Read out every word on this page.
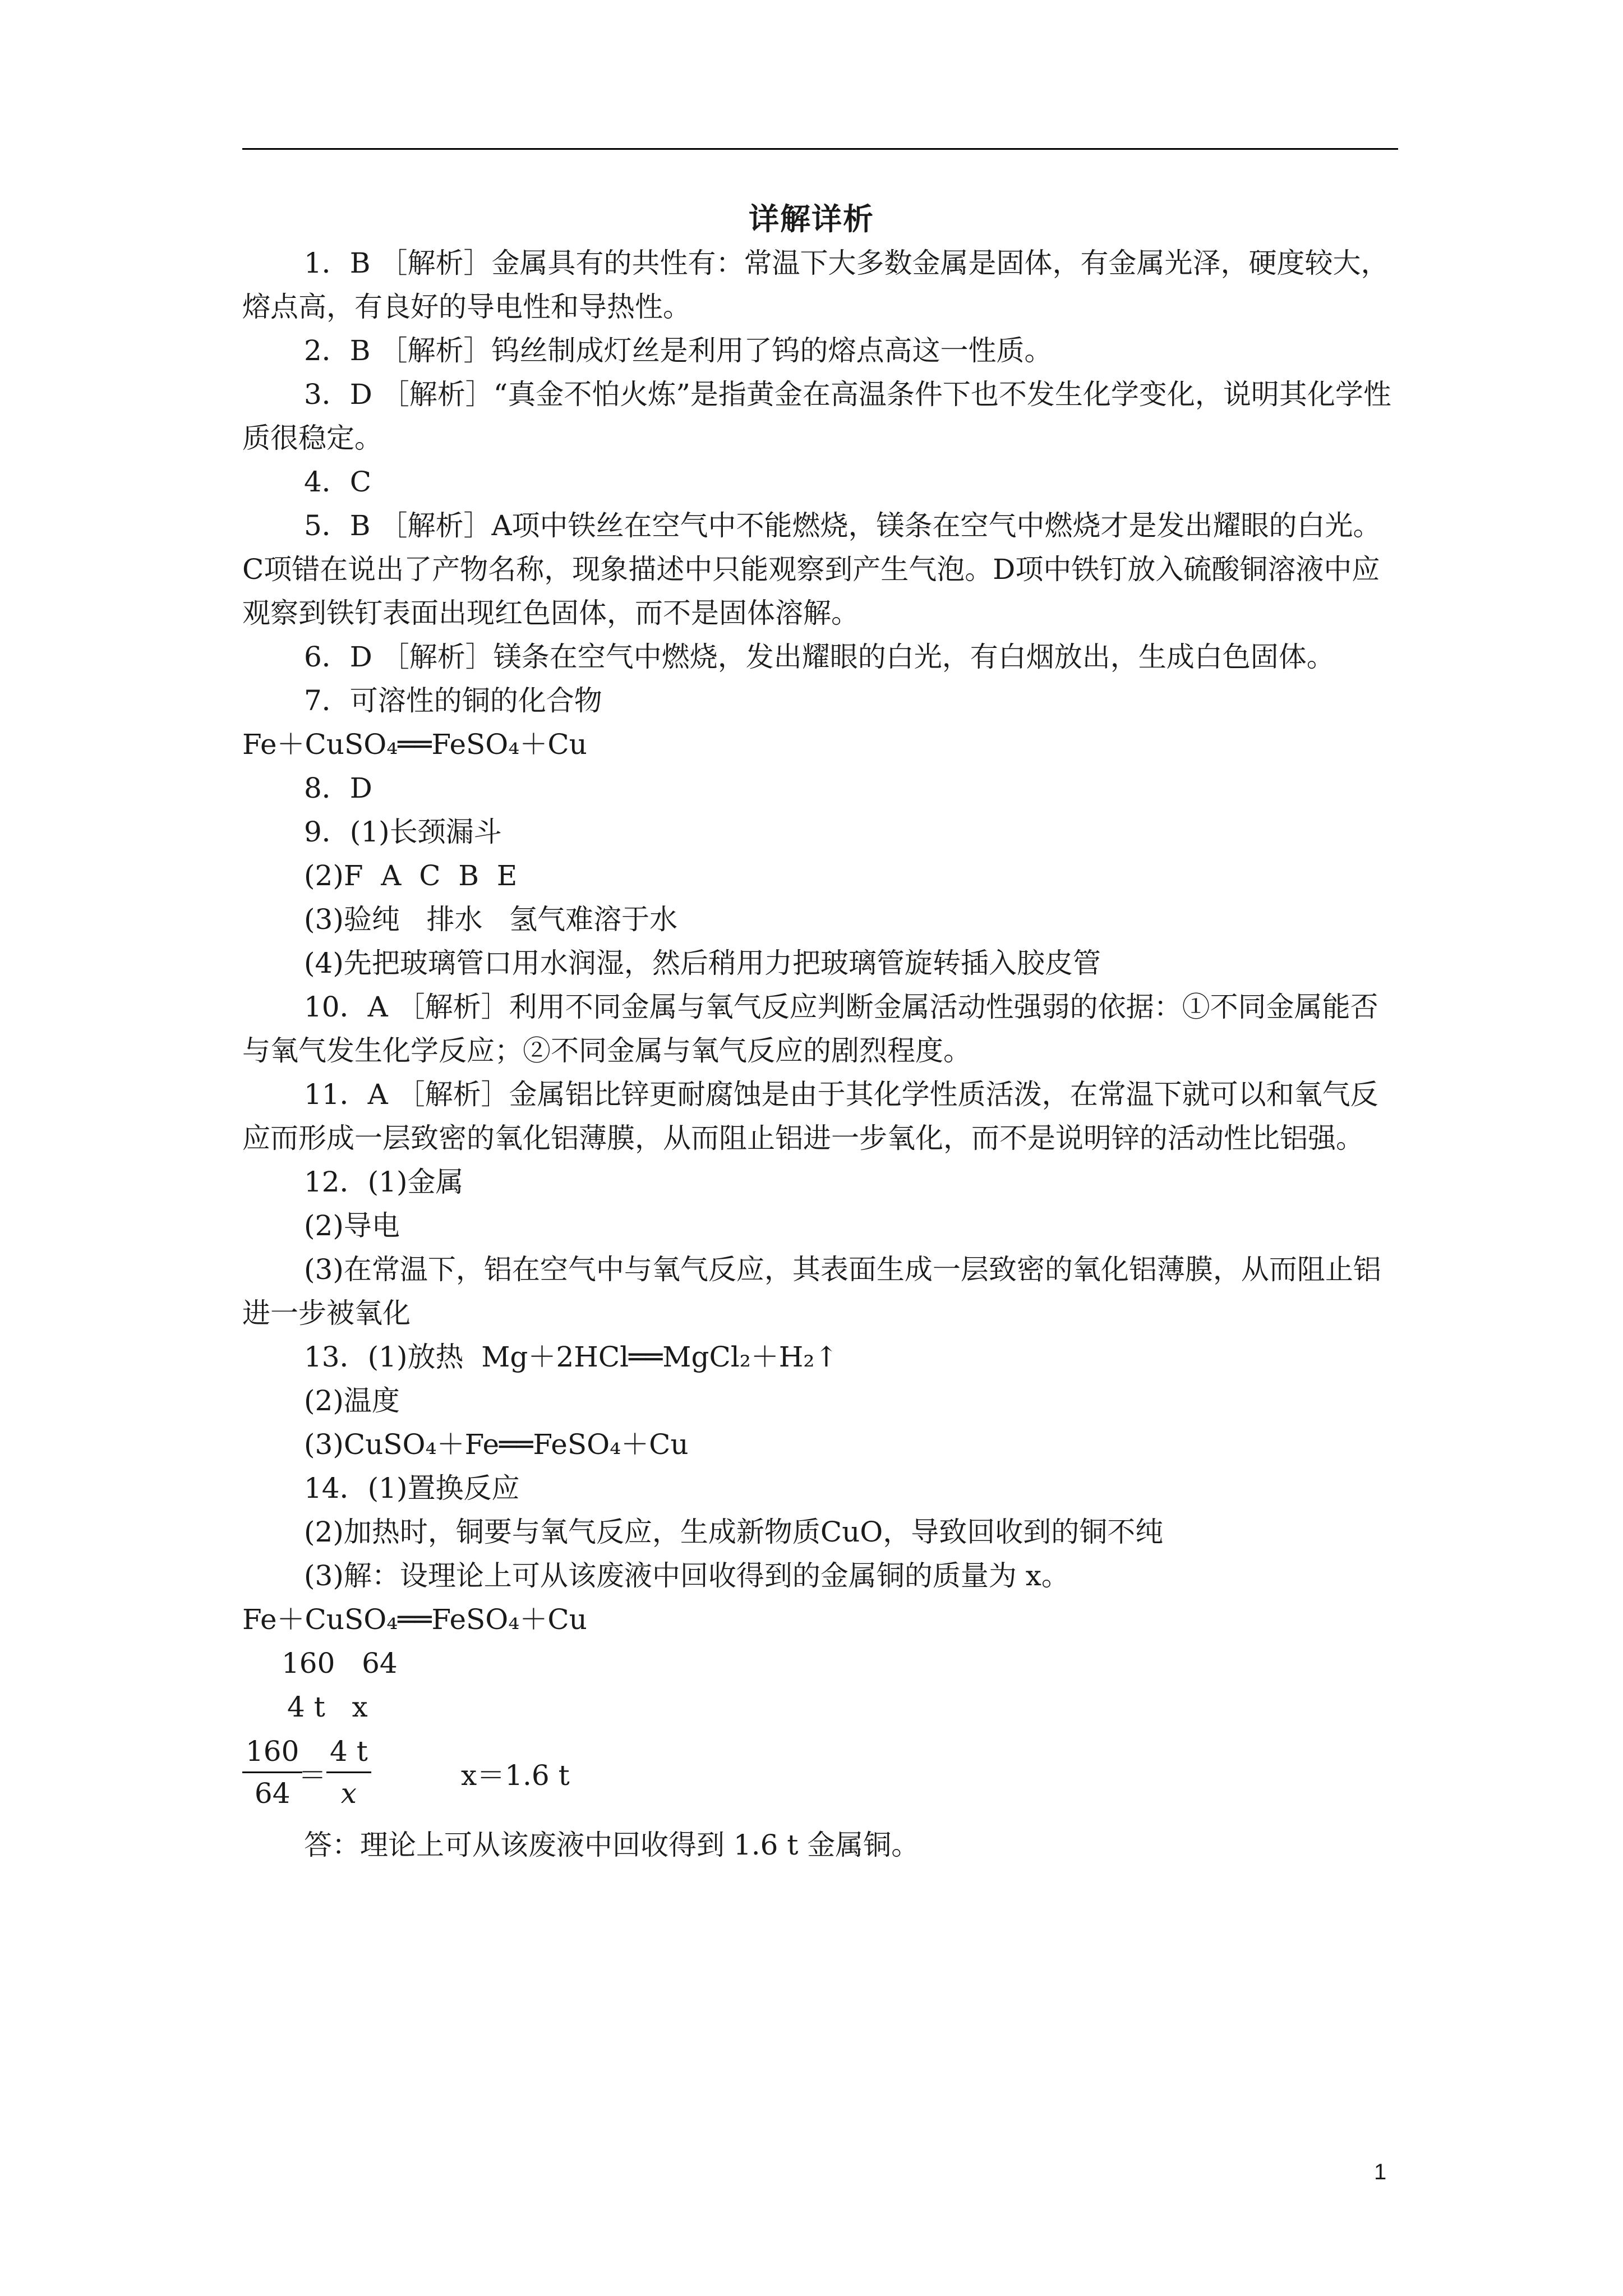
详解详析

1．B ［解析］金属具有的共性有：常温下大多数金属是固体，有金属光泽，硬度较大，熔点高，有良好的导电性和导热性。

2．B ［解析］钨丝制成灯丝是利用了钨的熔点高这一性质。

3．D ［解析］“真金不怕火炼”是指黄金在高温条件下也不发生化学变化，说明其化学性质很稳定。

4．C

5．B ［解析］A项中铁丝在空气中不能燃烧，镁条在空气中燃烧才是发出耀眼的白光。C项错在说出了产物名称，现象描述中只能观察到产生气泡。D项中铁钉放入硫酸铜溶液中应观察到铁钉表面出现红色固体，而不是固体溶解。

6．D ［解析］镁条在空气中燃烧，发出耀眼的白光，有白烟放出，生成白色固体。

7．可溶性的铜的化合物

Fe＋CuSO₄══FeSO₄＋Cu

8．D

9．(1)长颈漏斗

(2)F  A  C  B  E

(3)验纯   排水   氢气难溶于水

(4)先把玻璃管口用水润湿，然后稍用力把玻璃管旋转插入胶皮管

10．A ［解析］利用不同金属与氧气反应判断金属活动性强弱的依据：①不同金属能否与氧气发生化学反应；②不同金属与氧气反应的剧烈程度。

11．A ［解析］金属铝比锌更耐腐蚀是由于其化学性质活泼，在常温下就可以和氧气反应而形成一层致密的氧化铝薄膜，从而阻止铝进一步氧化，而不是说明锌的活动性比铝强。

12．(1)金属

(2)导电

(3)在常温下，铝在空气中与氧气反应，其表面生成一层致密的氧化铝薄膜，从而阻止铝进一步被氧化

13．(1)放热  Mg＋2HCl══MgCl₂＋H₂↑

(2)温度

(3)CuSO₄＋Fe══FeSO₄＋Cu

14．(1)置换反应

(2)加热时，铜要与氧气反应，生成新物质CuO，导致回收到的铜不纯

(3)解：设理论上可从该废液中回收得到的金属铜的质量为 x。

Fe＋CuSO₄══FeSO₄＋Cu

160   64
4 t   x
$\frac{160}{64}$
＝ $\frac{4 t}{x}$	x＝1.6 t

答：理论上可从该废液中回收得到 1.6 t 金属铜。

1
